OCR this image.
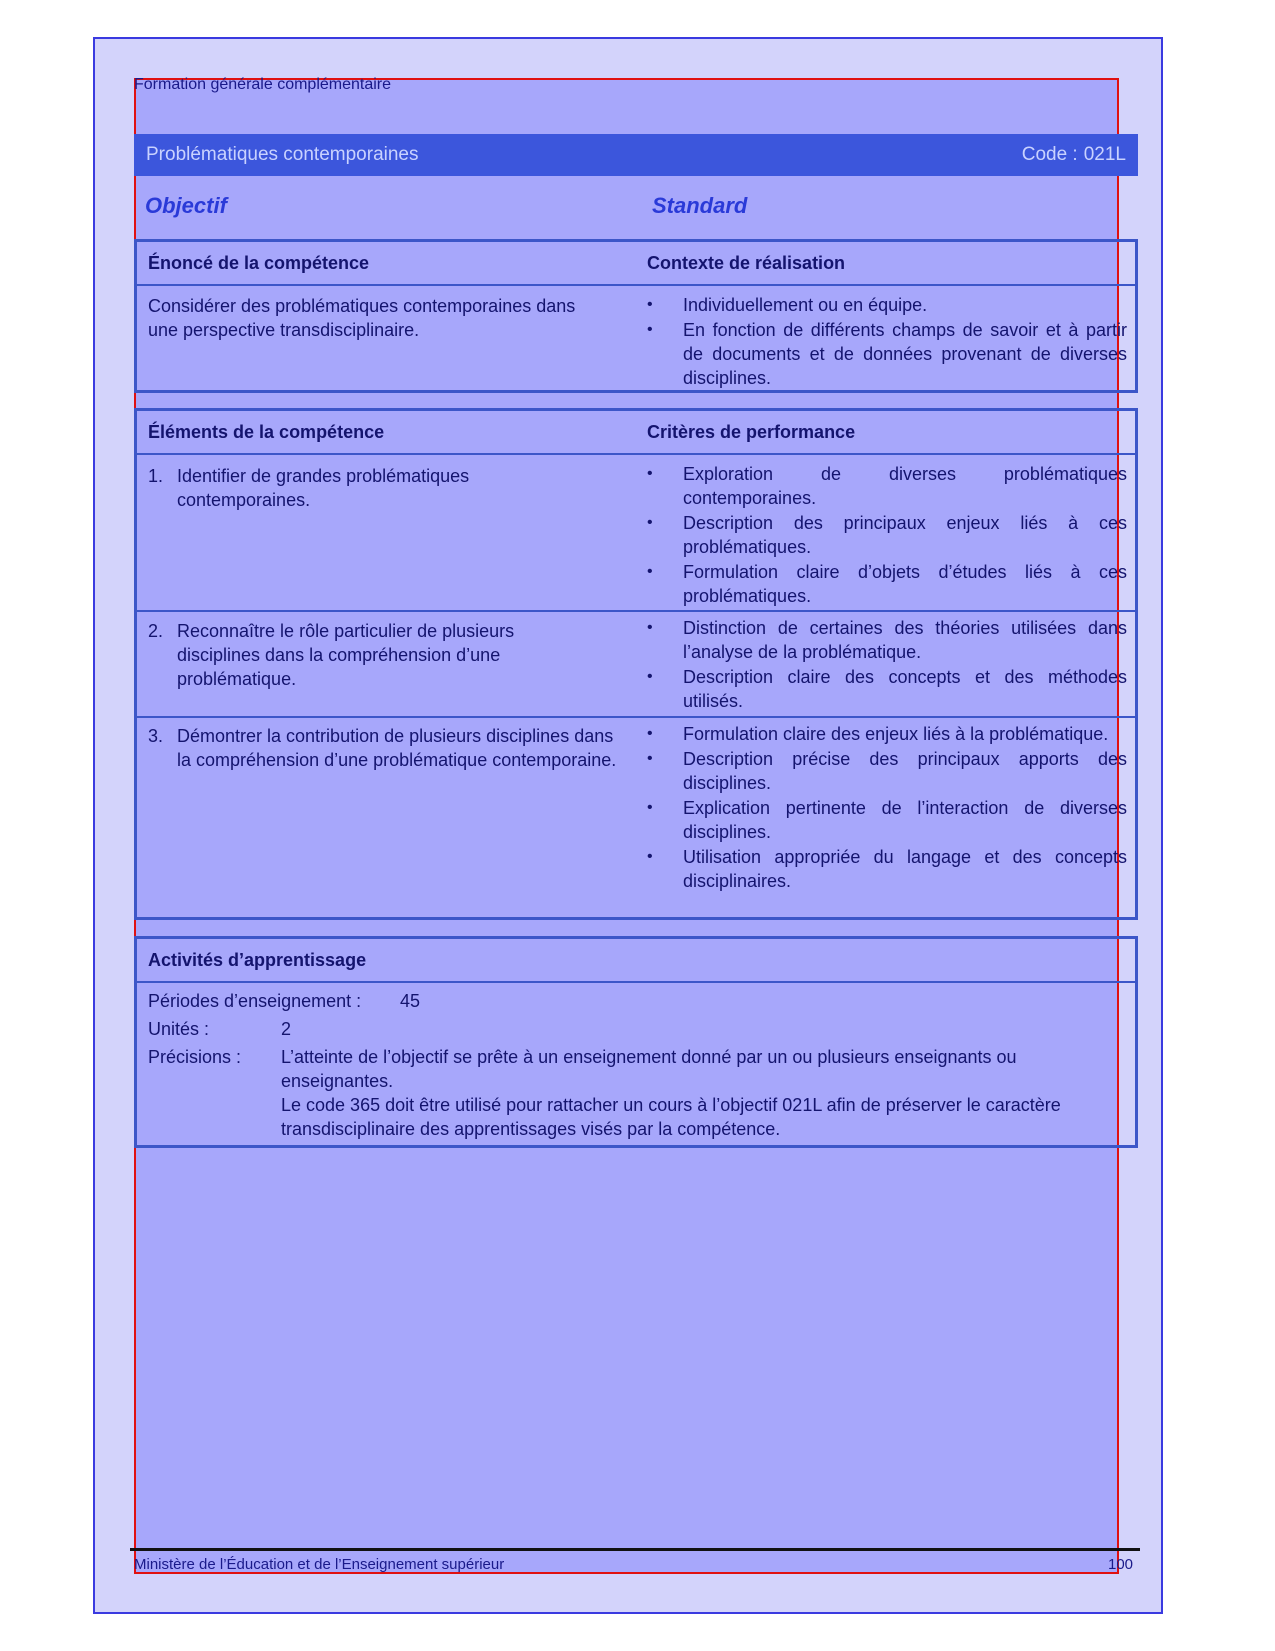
Formation générale complémentaire
Problématiques contemporaines	Code : 021L
Objectif	Standard
Énoncé de la compétence	Contexte de réalisation
Considérer des problématiques contemporaines dans une perspective transdisciplinaire.
• Individuellement ou en équipe.
• En fonction de différents champs de savoir et à partir de documents et de données provenant de diverses disciplines.
Éléments de la compétence	Critères de performance
1. Identifier de grandes problématiques contemporaines.
• Exploration de diverses problématiques contemporaines.
• Description des principaux enjeux liés à ces problématiques.
• Formulation claire d’objets d’études liés à ces problématiques.
2. Reconnaître le rôle particulier de plusieurs disciplines dans la compréhension d’une problématique.
• Distinction de certaines des théories utilisées dans l’analyse de la problématique.
• Description claire des concepts et des méthodes utilisés.
3. Démontrer la contribution de plusieurs disciplines dans la compréhension d’une problématique contemporaine.
• Formulation claire des enjeux liés à la problématique.
• Description précise des principaux apports des disciplines.
• Explication pertinente de l’interaction de diverses disciplines.
• Utilisation appropriée du langage et des concepts disciplinaires.
Activités d’apprentissage
Périodes d’enseignement :	45
Unités :	2
Précisions :	L’atteinte de l’objectif se prête à un enseignement donné par un ou plusieurs enseignants ou enseignantes.
Le code 365 doit être utilisé pour rattacher un cours à l’objectif 021L afin de préserver le caractère transdisciplinaire des apprentissages visés par la compétence.
Ministère de l’Éducation et de l’Enseignement supérieur	100
